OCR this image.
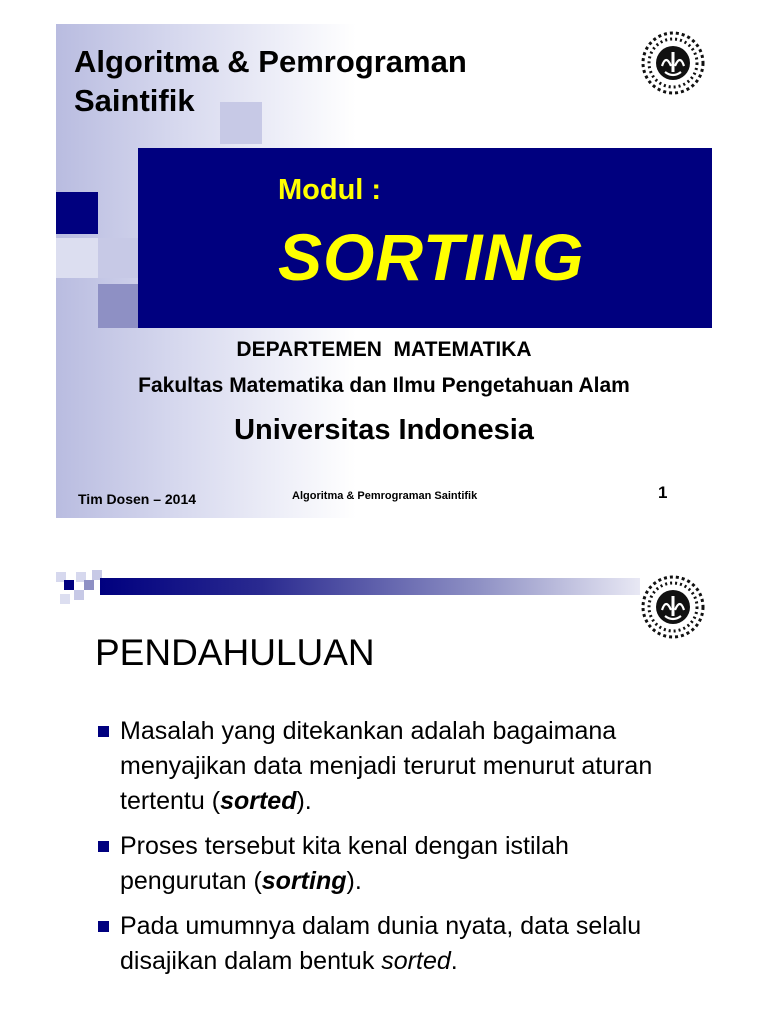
Algoritma & Pemrograman Saintifik
Modul :
SORTING
DEPARTEMEN  MATEMATIKA
Fakultas Matematika dan Ilmu Pengetahuan Alam
Universitas Indonesia
Tim Dosen – 2014	Algoritma & Pemrograman Saintifik	1
PENDAHULUAN
Masalah yang ditekankan adalah bagaimana menyajikan data menjadi terurut menurut aturan tertentu (sorted).
Proses tersebut kita kenal dengan istilah pengurutan (sorting).
Pada umumnya dalam dunia nyata, data selalu disajikan dalam bentuk sorted.
